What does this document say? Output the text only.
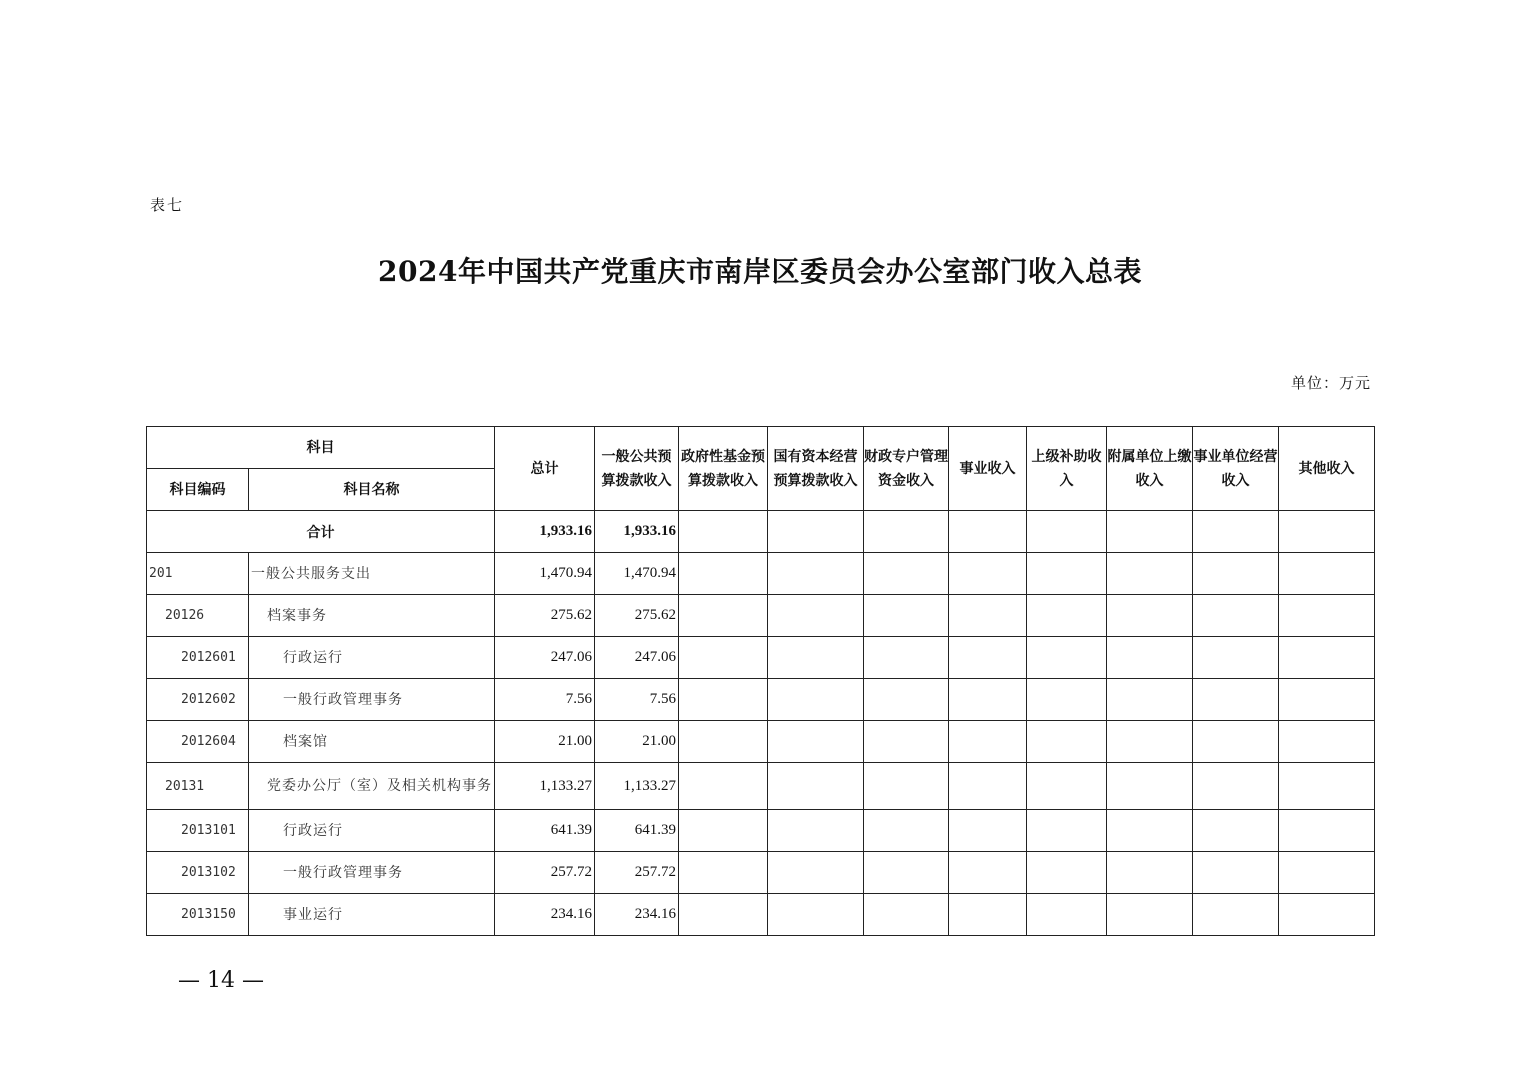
表七
2024年中国共产党重庆市南岸区委员会办公室部门收入总表
单位：万元
科目		总计	一般公共预算拨款收入	政府性基金预算拨款收入	国有资本经营预算拨款收入	财政专户管理资金收入	事业收入	上级补助收入	附属单位上缴收入	事业单位经营收入	其他收入
科目编码	科目名称										
合计		1,933.16	1,933.16								
201	一般公共服务支出	1,470.94	1,470.94								
20126	档案事务	275.62	275.62								
2012601	行政运行	247.06	247.06								
2012602	一般行政管理事务	7.56	7.56								
2012604	档案馆	21.00	21.00								
20131	党委办公厅（室）及相关机构事务	1,133.27	1,133.27								
2013101	行政运行	641.39	641.39								
2013102	一般行政管理事务	257.72	257.72								
2013150	事业运行	234.16	234.16								
— 14 —
